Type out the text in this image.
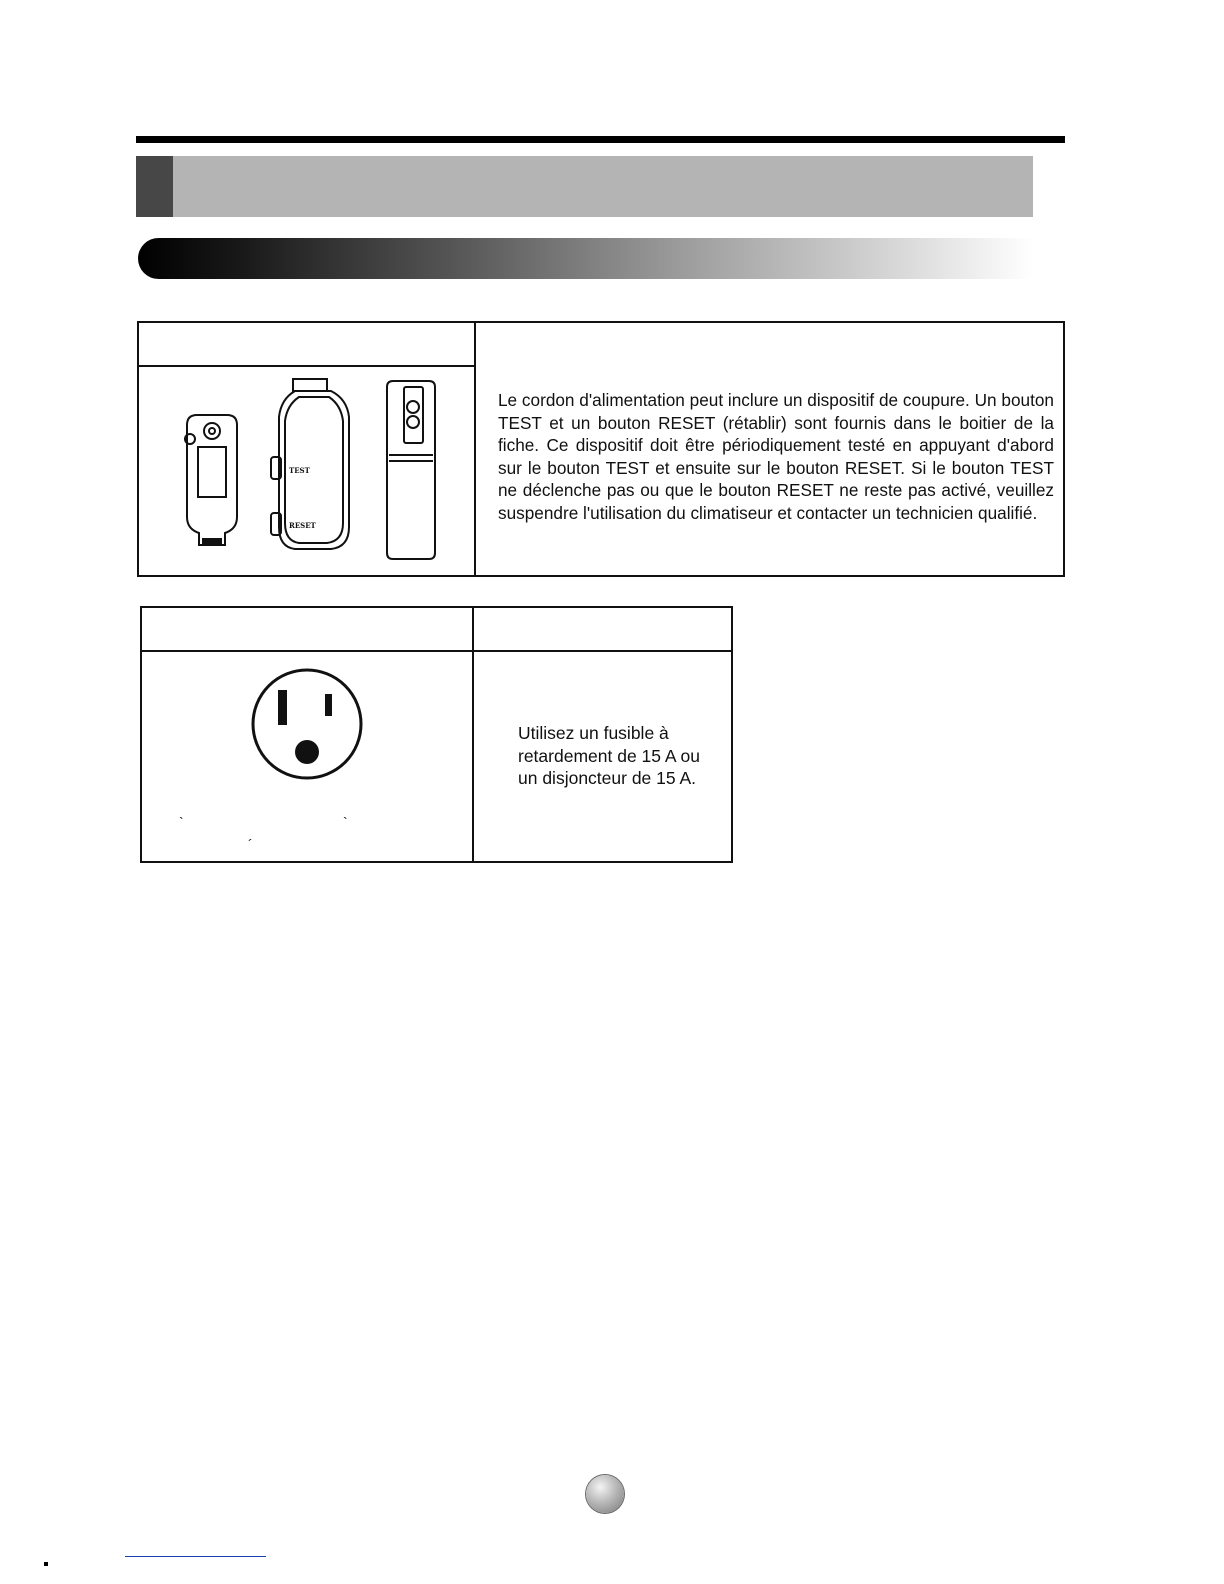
TEST
RESET

Le cordon d'alimentation peut inclure un dispositif de coupure. Un bouton TEST et un bouton RESET (rétablir) sont fournis dans le boitier de la fiche. Ce dispositif doit être périodiquement testé en appuyant d'abord sur le bouton TEST et ensuite sur le bouton RESET. Si le bouton TEST ne déclenche pas ou que le bouton RESET ne reste pas activé, veuillez suspendre l'utilisation du climatiseur et contacter un technicien qualifié.

`	`
´

Utilisez un fusible à retardement de 15 A ou un disjoncteur de 15 A.
